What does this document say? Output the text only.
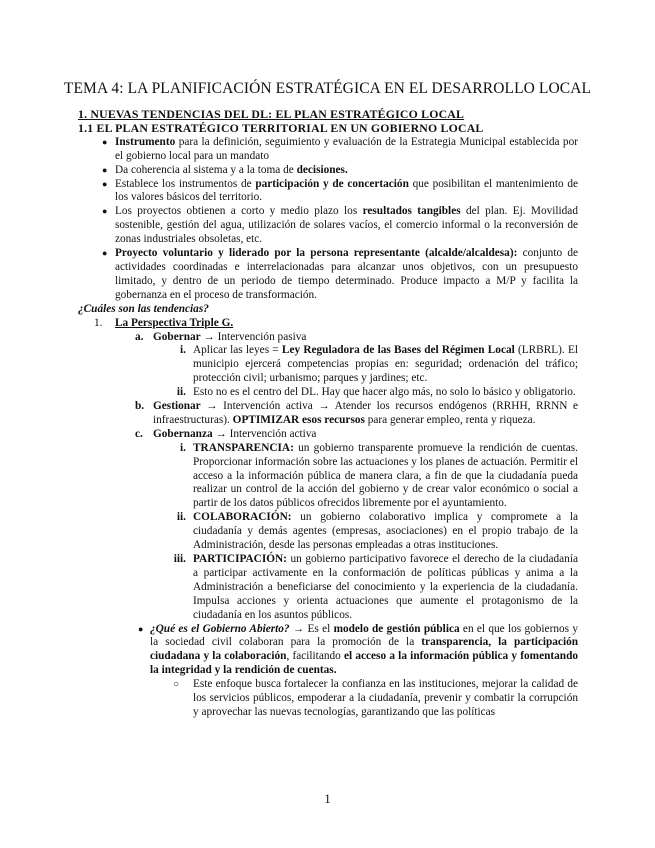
TEMA 4: LA PLANIFICACIÓN ESTRATÉGICA EN EL DESARROLLO LOCAL

1. NUEVAS TENDENCIAS DEL DL: EL PLAN ESTRATÉGICO LOCAL

1.1 EL PLAN ESTRATÉGICO TERRITORIAL EN UN GOBIERNO LOCAL

● Instrumento para la definición, seguimiento y evaluación de la Estrategia Municipal establecida por el gobierno local para un mandato
● Da coherencia al sistema y a la toma de decisiones.
● Establece los instrumentos de participación y de concertación que posibilitan el mantenimiento de los valores básicos del territorio.
● Los proyectos obtienen a corto y medio plazo los resultados tangibles del plan. Ej. Movilidad sostenible, gestión del agua, utilización de solares vacíos, el comercio informal o la reconversión de zonas industriales obsoletas, etc.
● Proyecto voluntario y liderado por la persona representante (alcalde/alcaldesa): conjunto de actividades coordinadas e interrelacionadas para alcanzar unos objetivos, con un presupuesto limitado, y dentro de un periodo de tiempo determinado. Produce impacto a M/P y facilita la gobernanza en el proceso de transformación.

¿Cuáles son las tendencias?

1. La Perspectiva Triple G.
a. Gobernar → Intervención pasiva
i. Aplicar las leyes = Ley Reguladora de las Bases del Régimen Local (LRBRL). El municipio ejercerá competencias propias en: seguridad; ordenación del tráfico; protección civil; urbanismo; parques y jardines; etc.
ii. Esto no es el centro del DL. Hay que hacer algo más, no solo lo básico y obligatorio.
b. Gestionar → Intervención activa → Atender los recursos endógenos (RRHH, RRNN e infraestructuras). OPTIMIZAR esos recursos para generar empleo, renta y riqueza.
c. Gobernanza → Intervención activa
i. TRANSPARENCIA: un gobierno transparente promueve la rendición de cuentas. Proporcionar información sobre las actuaciones y los planes de actuación. Permitir el acceso a la información pública de manera clara, a fin de que la ciudadanía pueda realizar un control de la acción del gobierno y de crear valor económico o social a partir de los datos públicos ofrecidos libremente por el ayuntamiento.
ii. COLABORACIÓN: un gobierno colaborativo implica y compromete a la ciudadanía y demás agentes (empresas, asociaciones) en el propio trabajo de la Administración, desde las personas empleadas a otras instituciones.
iii. PARTICIPACIÓN: un gobierno participativo favorece el derecho de la ciudadanía a participar activamente en la conformación de políticas públicas y anima a la Administración a beneficiarse del conocimiento y la experiencia de la ciudadanía. Impulsa acciones y orienta actuaciones que aumente el protagonismo de la ciudadanía en los asuntos públicos.
● ¿Qué es el Gobierno Abierto? → Es el modelo de gestión pública en el que los gobiernos y la sociedad civil colaboran para la promoción de la transparencia, la participación ciudadana y la colaboración, facilitando el acceso a la información pública y fomentando la integridad y la rendición de cuentas.
○ Este enfoque busca fortalecer la confianza en las instituciones, mejorar la calidad de los servicios públicos, empoderar a la ciudadanía, prevenir y combatir la corrupción y aprovechar las nuevas tecnologías, garantizando que las políticas
1
